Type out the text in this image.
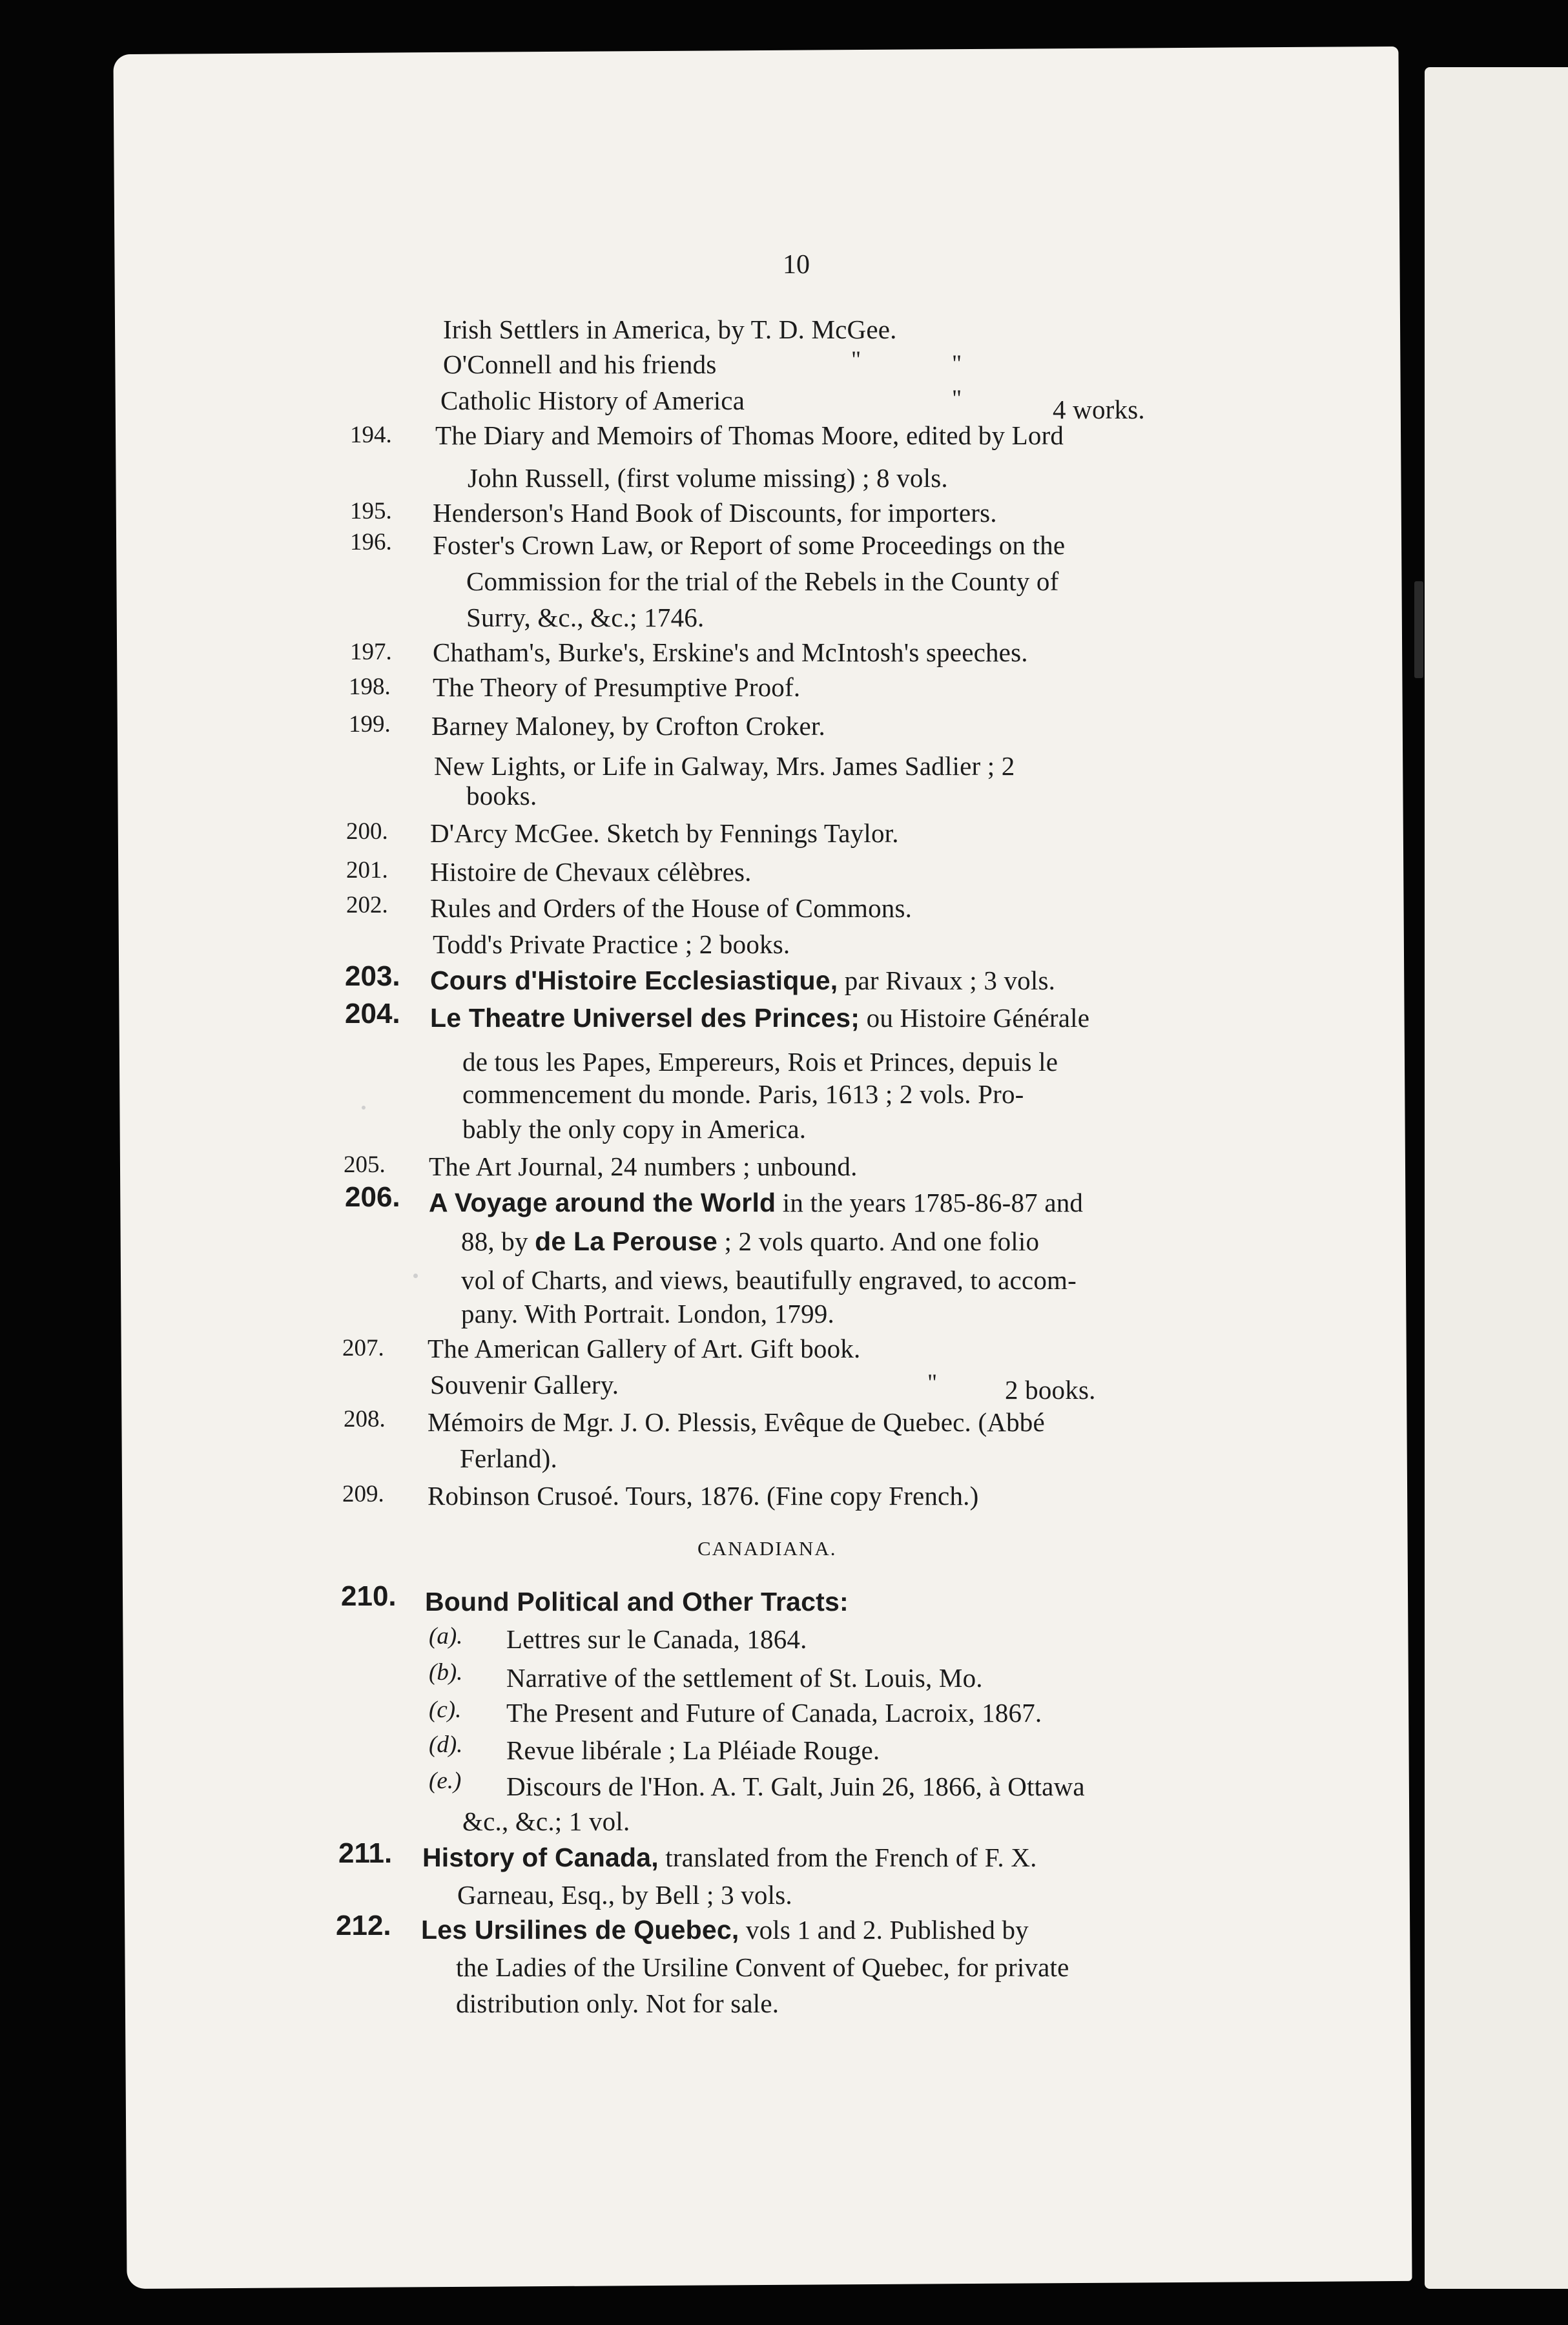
10
Irish Settlers in America, by T. D. McGee.
O'Connell and his friends	"	"
Catholic History of America	"	4 works.
194. The Diary and Memoirs of Thomas Moore, edited by Lord
John Russell, (first volume missing) ; 8 vols.
195. Henderson's Hand Book of Discounts, for importers.
196. Foster's Crown Law, or Report of some Proceedings on the
Commission for the trial of the Rebels in the County of
Surry, &c., &c.; 1746.
197. Chatham's, Burke's, Erskine's and McIntosh's speeches.
198. The Theory of Presumptive Proof.
199. Barney Maloney, by Crofton Croker.
New Lights, or Life in Galway, Mrs. James Sadlier ; 2
books.
200. D'Arcy McGee. Sketch by Fennings Taylor.
201. Histoire de Chevaux célèbres.
202. Rules and Orders of the House of Commons.
Todd's Private Practice ; 2 books.
203. Cours d'Histoire Ecclesiastique, par Rivaux ; 3 vols.
204. Le Theatre Universel des Princes; ou Histoire Générale
de tous les Papes, Empereurs, Rois et Princes, depuis le
commencement du monde. Paris, 1613 ; 2 vols. Pro-
bably the only copy in America.
205. The Art Journal, 24 numbers ; unbound.
206. A Voyage around the World in the years 1785-86-87 and
88, by de La Perouse ; 2 vols quarto. And one folio
vol of Charts, and views, beautifully engraved, to accom-
pany. With Portrait. London, 1799.
207. The American Gallery of Art. Gift book.
Souvenir Gallery.	"	2 books.
208. Mémoirs de Mgr. J. O. Plessis, Evêque de Quebec. (Abbé
Ferland).
209. Robinson Crusoé. Tours, 1876. (Fine copy French.)
CANADIANA.
210. Bound Political and Other Tracts:
(a). Lettres sur le Canada, 1864.
(b). Narrative of the settlement of St. Louis, Mo.
(c). The Present and Future of Canada, Lacroix, 1867.
(d). Revue libérale ; La Pléiade Rouge.
(e.) Discours de l'Hon. A. T. Galt, Juin 26, 1866, à Ottawa
&c., &c.; 1 vol.
211. History of Canada, translated from the French of F. X.
Garneau, Esq., by Bell ; 3 vols.
212. Les Ursilines de Quebec, vols 1 and 2. Published by
the Ladies of the Ursiline Convent of Quebec, for private
distribution only. Not for sale.
